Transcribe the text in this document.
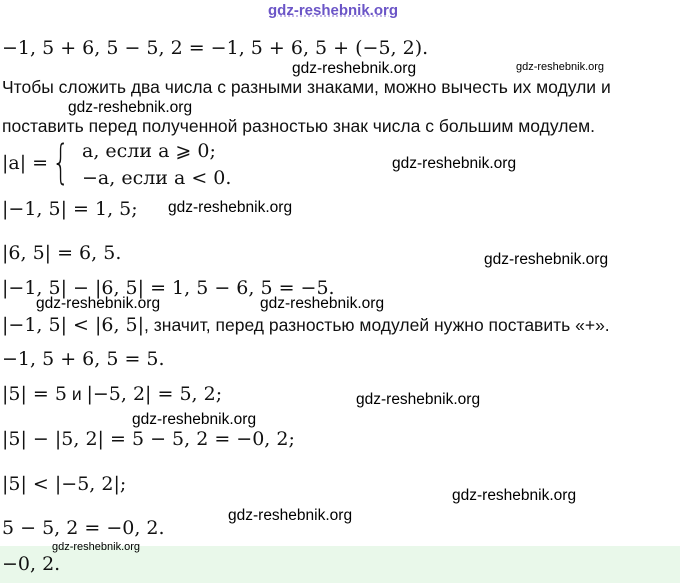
gdz-reshebnik.org
−1, 5 + 6, 5 − 5, 2 = −1, 5 + 6, 5 + (−5, 2).
Чтобы сложить два числа с разными знаками, можно вычесть их модули и
поставить перед полученной разностью знак числа с большим модулем.
|a| = { a, если a ⩾ 0;
−a, если a < 0.
|−1, 5| = 1, 5;
|6, 5| = 6, 5.
|−1, 5| − |6, 5| = 1, 5 − 6, 5 = −5.
|−1, 5| < |6, 5|, значит, перед разностью модулей нужно поставить «+».
−1, 5 + 6, 5 = 5.
|5| = 5 и |−5, 2| = 5, 2;
|5| − |5, 2| = 5 − 5, 2 = −0, 2;
|5| < |−5, 2|;
5 − 5, 2 = −0, 2.
−0, 2.
gdz-reshebnik.org	gdz-reshebnik.org
gdz-reshebnik.org
gdz-reshebnik.org
gdz-reshebnik.org
gdz-reshebnik.org
gdz-reshebnik.org	gdz-reshebnik.org
gdz-reshebnik.org
gdz-reshebnik.org
gdz-reshebnik.org
gdz-reshebnik.org
gdz-reshebnik.org
